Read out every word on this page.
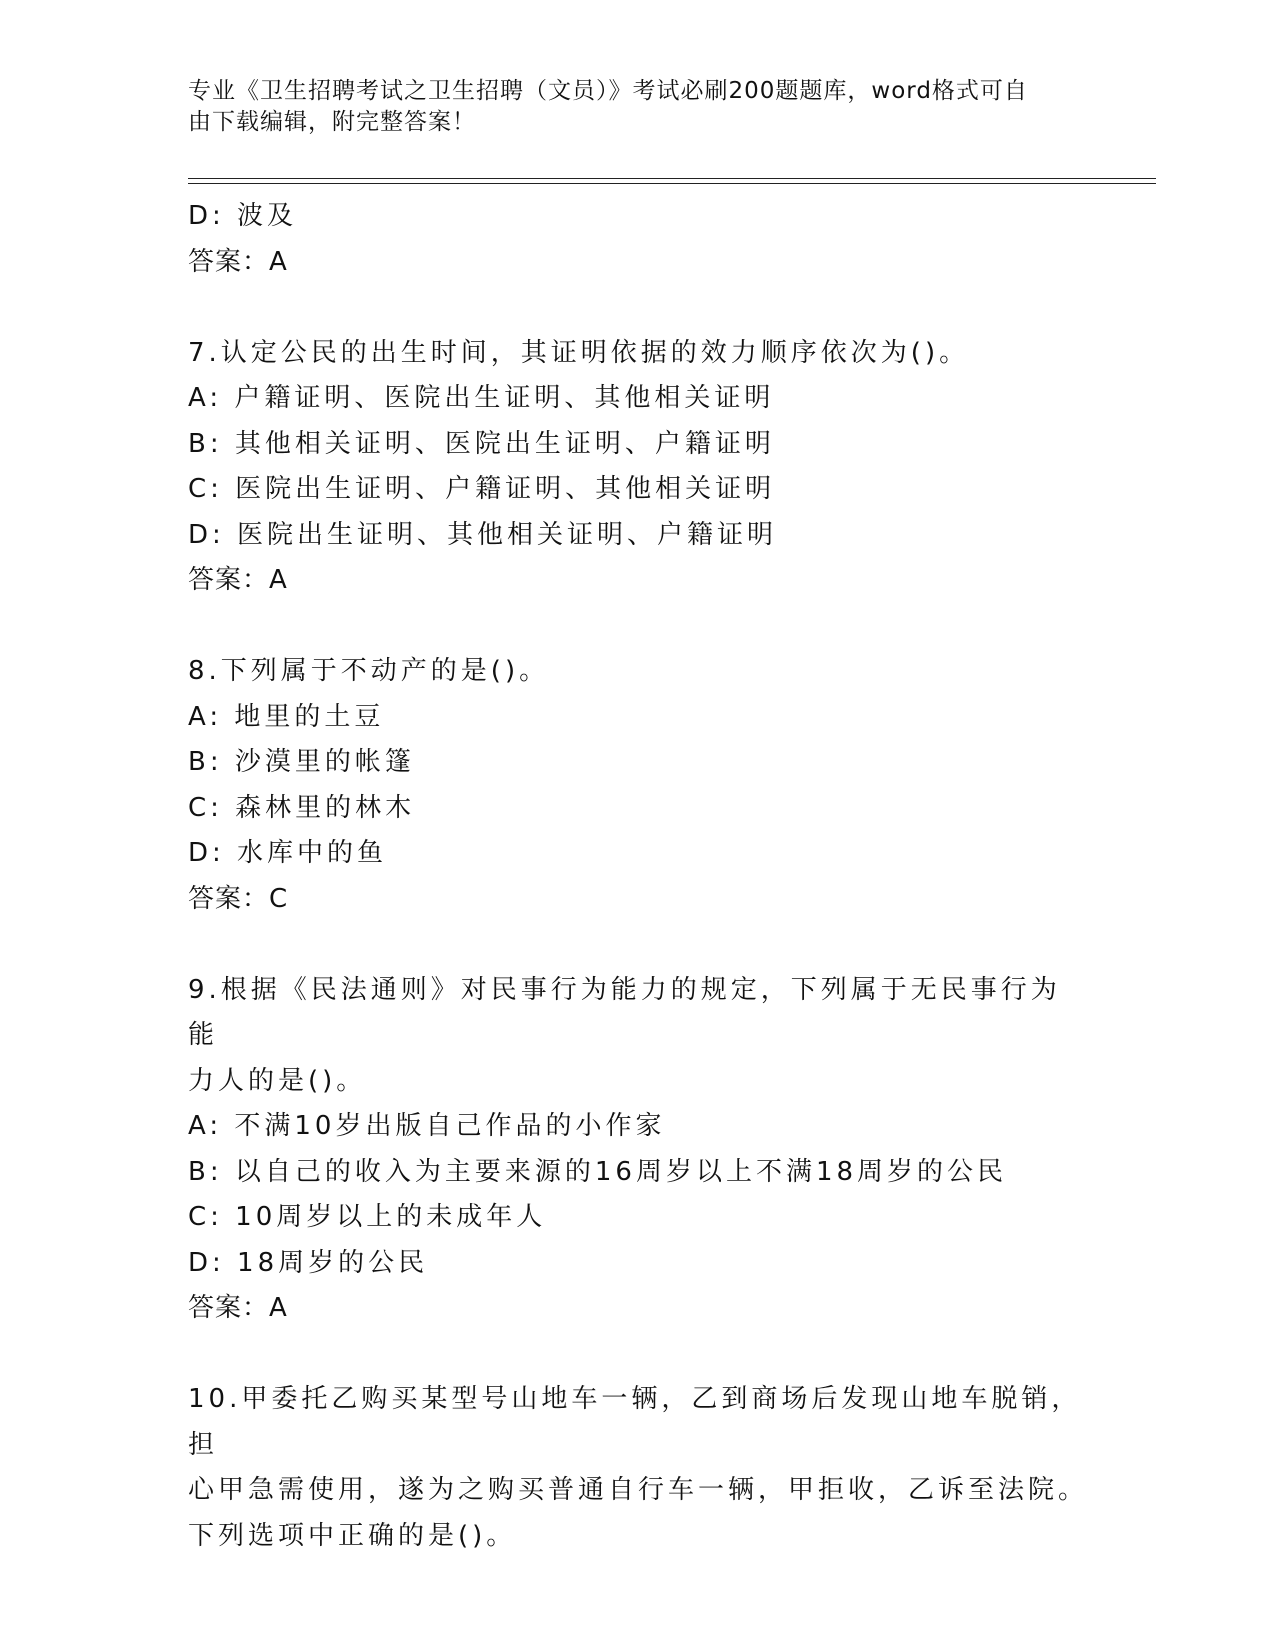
专业《卫生招聘考试之卫生招聘（文员）》考试必刷200题题库，word格式可自
由下载编辑，附完整答案！
D: 波及
答案：A
7.认定公民的出生时间，其证明依据的效力顺序依次为()。
A: 户籍证明、医院出生证明、其他相关证明
B: 其他相关证明、医院出生证明、户籍证明
C: 医院出生证明、户籍证明、其他相关证明
D: 医院出生证明、其他相关证明、户籍证明
答案：A
8.下列属于不动产的是()。
A: 地里的土豆
B: 沙漠里的帐篷
C: 森林里的林木
D: 水库中的鱼
答案：C
9.根据《民法通则》对民事行为能力的规定，下列属于无民事行为能
力人的是()。
A: 不满10岁出版自己作品的小作家
B: 以自己的收入为主要来源的16周岁以上不满18周岁的公民
C: 10周岁以上的未成年人
D: 18周岁的公民
答案：A
10.甲委托乙购买某型号山地车一辆，乙到商场后发现山地车脱销，担
心甲急需使用，遂为之购买普通自行车一辆，甲拒收，乙诉至法院。
下列选项中正确的是()。
